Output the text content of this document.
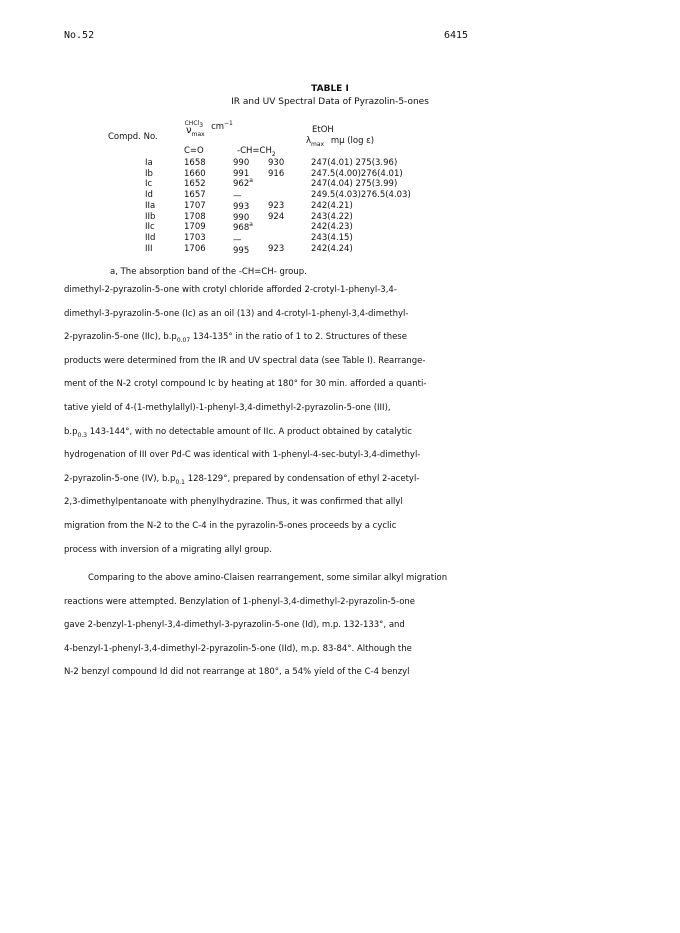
No.52	6415
TABLE I
IR and UV Spectral Data of Pyrazolin-5-ones
Compd. No.
$\nu_{max}^{CHCl3}$ $cm^{-1}$
EtOH
$\lambda_{max}$ mμ (log ε)
C=O	$-CH=CH_2$
Ia
Ib
Ic
Id
IIa
IIb
IIc
IId
III
1658
1660
1652
1657
1707
1708
1709
1703
1706
990
991
962$^a$
—
993
990
968$^a$
—
995
930
916

923
924

923
247(4.01) 275(3.96)
247.5(4.00)276(4.01)
247(4.04) 275(3.99)
249.5(4.03)276.5(4.03)
242(4.21)
243(4.22)
242(4.23)
243(4.15)
242(4.24)
a, The absorption band of the -CH=CH- group.

dimethyl-2-pyrazolin-5-one with crotyl chloride afforded 2-crotyl-1-phenyl-3,4-

dimethyl-3-pyrazolin-5-one (Ic) as an oil (13) and 4-crotyl-1-phenyl-3,4-dimethyl-

2-pyrazolin-5-one (IIc), $b.p_{0.07}$ 134-135° in the ratio of 1 to 2. Structures of these

products were determined from the IR and UV spectral data (see Table I). Rearrange-

ment of the N-2 crotyl compound Ic by heating at 180° for 30 min. afforded a quanti-

tative yield of 4-(1-methylallyl)-1-phenyl-3,4-dimethyl-2-pyrazolin-5-one (III),

$b.p_{0.3}$ 143-144°, with no detectable amount of IIc. A product obtained by catalytic

hydrogenation of III over Pd-C was identical with 1-phenyl-4-sec-butyl-3,4-dimethyl-

2-pyrazolin-5-one (IV), $b.p_{0.1}$ 128-129°, prepared by condensation of ethyl 2-acetyl-

2,3-dimethylpentanoate with phenylhydrazine. Thus, it was confirmed that allyl

migration from the N-2 to the C-4 in the pyrazolin-5-ones proceeds by a cyclic

process with inversion of a migrating allyl group.

Comparing to the above amino-Claisen rearrangement, some similar alkyl migration

reactions were attempted. Benzylation of 1-phenyl-3,4-dimethyl-2-pyrazolin-5-one

gave 2-benzyl-1-phenyl-3,4-dimethyl-3-pyrazolin-5-one (Id), m.p. 132-133°, and

4-benzyl-1-phenyl-3,4-dimethyl-2-pyrazolin-5-one (IId), m.p. 83-84°. Although the

N-2 benzyl compound Id did not rearrange at 180°, a 54% yield of the C-4 benzyl
